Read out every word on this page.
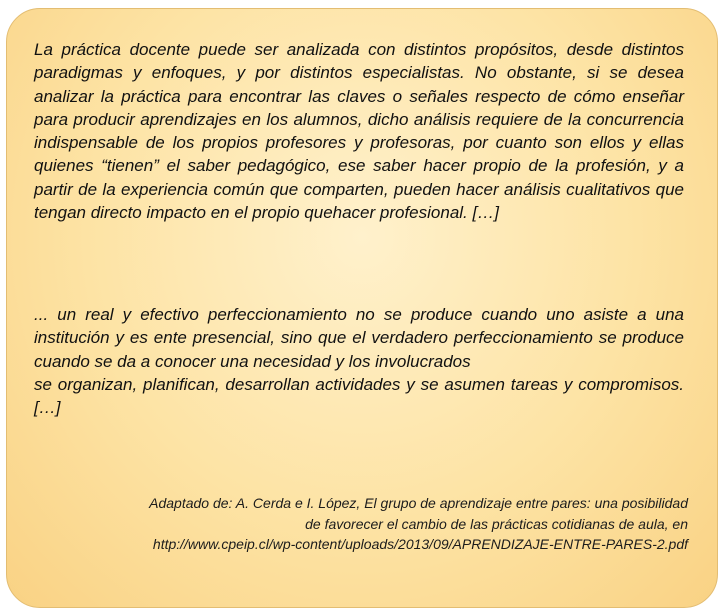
La práctica docente puede ser analizada con distintos propósitos, desde distintos paradigmas y enfoques, y por distintos especialistas. No obstante, si se desea analizar la práctica para encontrar las claves o señales respecto de cómo enseñar para producir aprendizajes en los alumnos, dicho análisis requiere de la concurrencia indispensable de los propios profesores y profesoras, por cuanto son ellos y ellas quienes “tienen” el saber pedagógico, ese saber hacer propio de la profesión, y a partir de la experiencia común que comparten, pueden hacer análisis cualitativos que tengan directo impacto en el propio quehacer profesional. […]

... un real y efectivo perfeccionamiento no se produce cuando uno asiste a una institución y es ente presencial, sino que el verdadero perfeccionamiento se produce cuando se da a conocer una necesidad y los involucrados
se organizan, planifican, desarrollan actividades y se asumen tareas y compromisos. […]

Adaptado de: A. Cerda e I. López, El grupo de aprendizaje entre pares: una posibilidad
de favorecer el cambio de las prácticas cotidianas de aula, en
http://www.cpeip.cl/wp-content/uploads/2013/09/APRENDIZAJE-ENTRE-PARES-2.pdf
